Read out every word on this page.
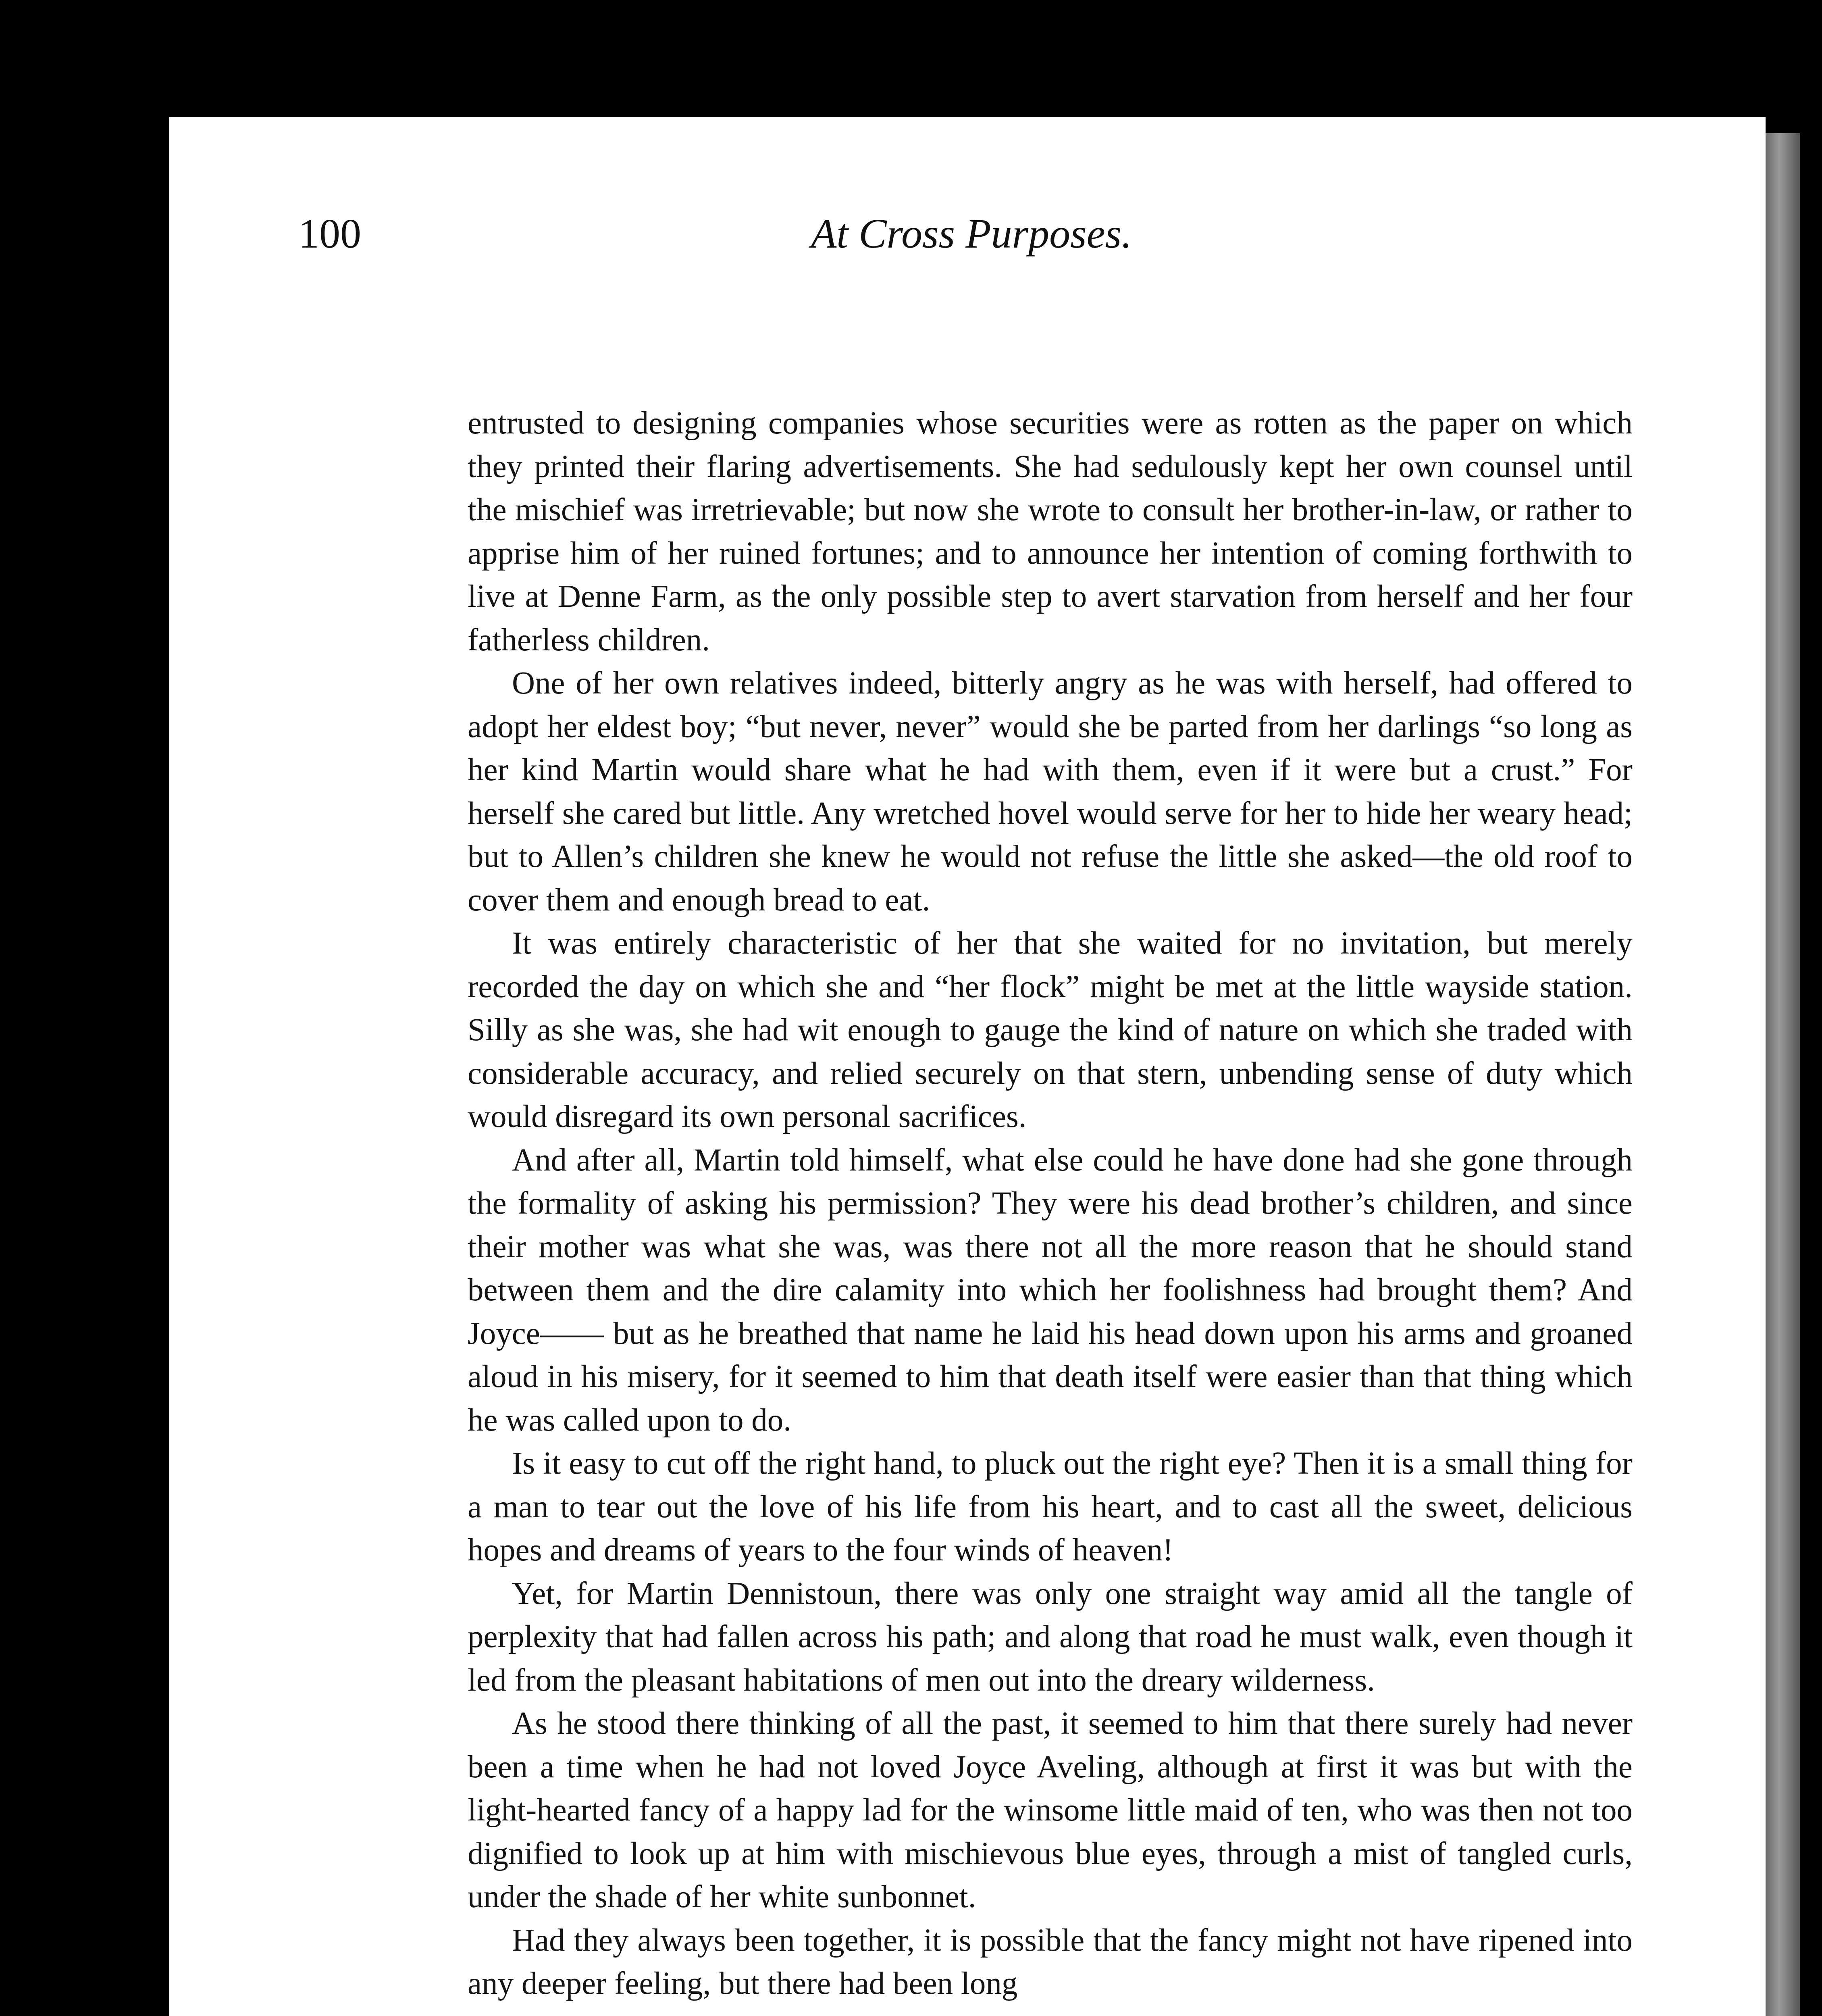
100	At Cross Purposes.

entrusted to designing companies whose securities were as rotten as the paper on which they printed their flaring advertisements. She had sedulously kept her own counsel until the mischief was irretrievable; but now she wrote to consult her brother-in-law, or rather to apprise him of her ruined fortunes; and to announce her intention of coming forthwith to live at Denne Farm, as the only possible step to avert starvation from herself and her four fatherless children.

One of her own relatives indeed, bitterly angry as he was with herself, had offered to adopt her eldest boy; “but never, never” would she be parted from her darlings “so long as her kind Martin would share what he had with them, even if it were but a crust.” For herself she cared but little. Any wretched hovel would serve for her to hide her weary head; but to Allen’s children she knew he would not refuse the little she asked—the old roof to cover them and enough bread to eat.

It was entirely characteristic of her that she waited for no invitation, but merely recorded the day on which she and “her flock” might be met at the little wayside station. Silly as she was, she had wit enough to gauge the kind of nature on which she traded with considerable accuracy, and relied securely on that stern, unbending sense of duty which would disregard its own personal sacrifices.

And after all, Martin told himself, what else could he have done had she gone through the formality of asking his permission? They were his dead brother’s children, and since their mother was what she was, was there not all the more reason that he should stand between them and the dire calamity into which her foolishness had brought them? And Joyce—— but as he breathed that name he laid his head down upon his arms and groaned aloud in his misery, for it seemed to him that death itself were easier than that thing which he was called upon to do.

Is it easy to cut off the right hand, to pluck out the right eye? Then it is a small thing for a man to tear out the love of his life from his heart, and to cast all the sweet, delicious hopes and dreams of years to the four winds of heaven!

Yet, for Martin Dennistoun, there was only one straight way amid all the tangle of perplexity that had fallen across his path; and along that road he must walk, even though it led from the pleasant habitations of men out into the dreary wilderness.

As he stood there thinking of all the past, it seemed to him that there surely had never been a time when he had not loved Joyce Aveling, although at first it was but with the light-hearted fancy of a happy lad for the winsome little maid of ten, who was then not too dignified to look up at him with mischievous blue eyes, through a mist of tangled curls, under the shade of her white sunbonnet.

Had they always been together, it is possible that the fancy might not have ripened into any deeper feeling, but there had been long
